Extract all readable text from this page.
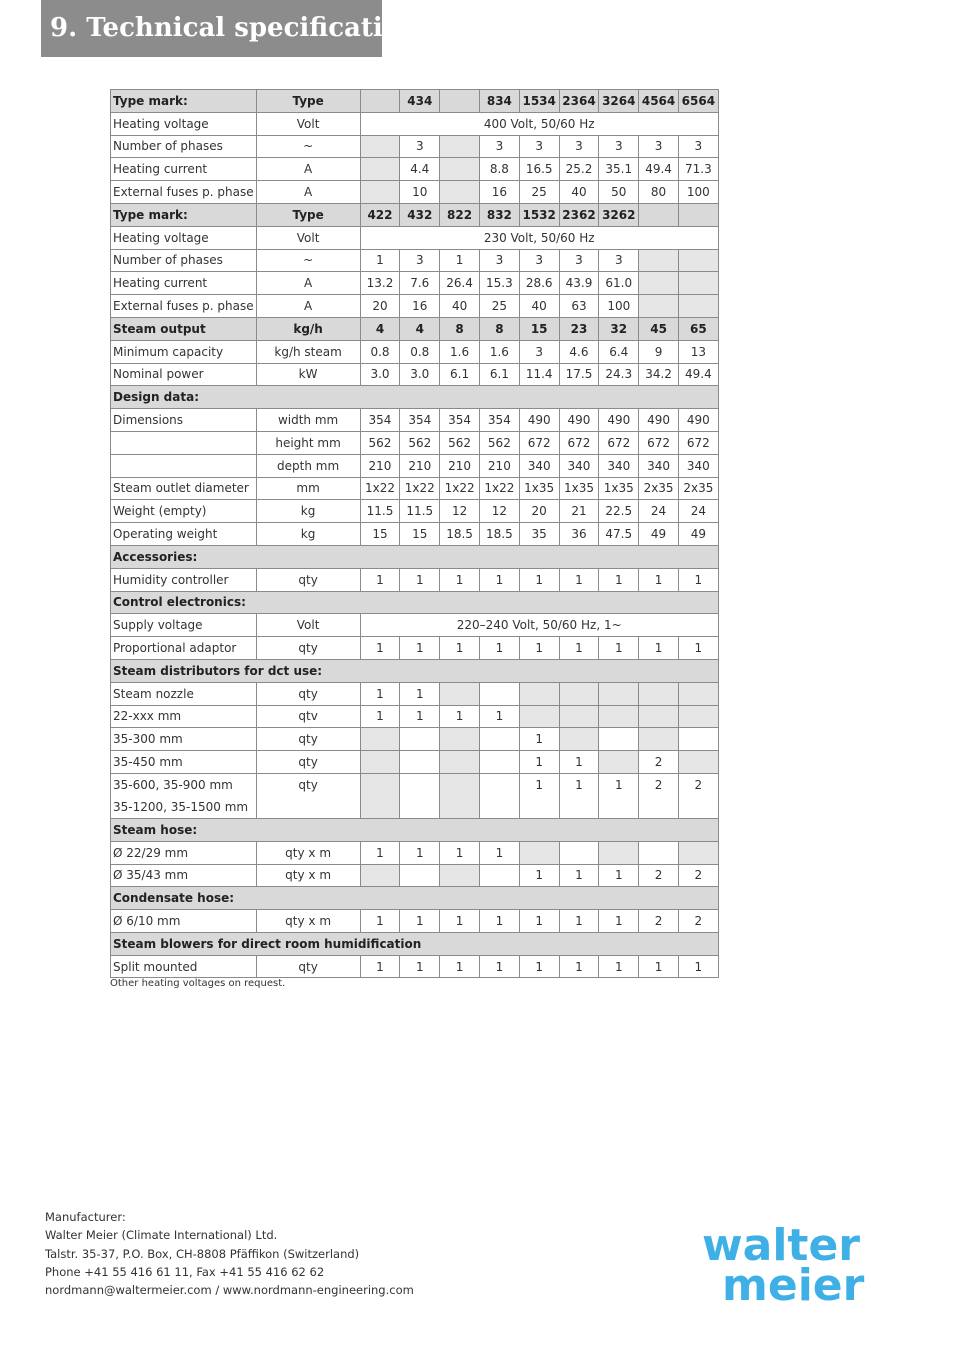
9. Technical specifications
Type mark:	Type		434		834	1534	2364	3264	4564	6564
Heating voltage	Volt	400 Volt, 50/60 Hz								
Number of phases	~		3		3	3	3	3	3	3
Heating current	A		4.4		8.8	16.5	25.2	35.1	49.4	71.3
External fuses p. phase	A		10		16	25	40	50	80	100
Type mark:	Type	422	432	822	832	1532	2362	3262		
Heating voltage	Volt	230 Volt, 50/60 Hz								
Number of phases	~	1	3	1	3	3	3	3		
Heating current	A	13.2	7.6	26.4	15.3	28.6	43.9	61.0		
External fuses p. phase	A	20	16	40	25	40	63	100		
Steam output	kg/h	4	4	8	8	15	23	32	45	65
Minimum capacity	kg/h steam	0.8	0.8	1.6	1.6	3	4.6	6.4	9	13
Nominal power	kW	3.0	3.0	6.1	6.1	11.4	17.5	24.3	34.2	49.4
Design data:										
Dimensions	width mm	354	354	354	354	490	490	490	490	490
	height mm	562	562	562	562	672	672	672	672	672
	depth mm	210	210	210	210	340	340	340	340	340
Steam outlet diameter	mm	1x22	1x22	1x22	1x22	1x35	1x35	1x35	2x35	2x35
Weight (empty)	kg	11.5	11.5	12	12	20	21	22.5	24	24
Operating weight	kg	15	15	18.5	18.5	35	36	47.5	49	49
Accessories:										
Humidity controller	qty	1	1	1	1	1	1	1	1	1
Control electronics:										
Supply voltage	Volt	220–240 Volt, 50/60 Hz, 1~								
Proportional adaptor	qty	1	1	1	1	1	1	1	1	1
Steam distributors for dct use:										
Steam nozzle	qty	1	1							
22-xxx mm	qtv	1	1	1	1					
35-300 mm	qty					1				
35-450 mm	qty					1	1		2	

35-600, 35-900 mm
35-1200, 35-1500 mm	qty					1	1	1	2	2
Steam hose:										
Ø 22/29 mm	qty x m	1	1	1	1					
Ø 35/43 mm	qty x m					1	1	1	2	2
Condensate hose:										
Ø 6/10 mm	qty x m	1	1	1	1	1	1	1	2	2
Steam blowers for direct room humidification										
Split mounted	qty	1	1	1	1	1	1	1	1	1
Other heating voltages on request.
Manufacturer:
Walter Meier (Climate International) Ltd.
Talstr. 35-37, P.O. Box, CH-8808 Pfäffikon (Switzerland)
Phone +41 55 416 61 11, Fax +41 55 416 62 62
nordmann@waltermeier.com / www.nordmann-engineering.com
walter
meier
